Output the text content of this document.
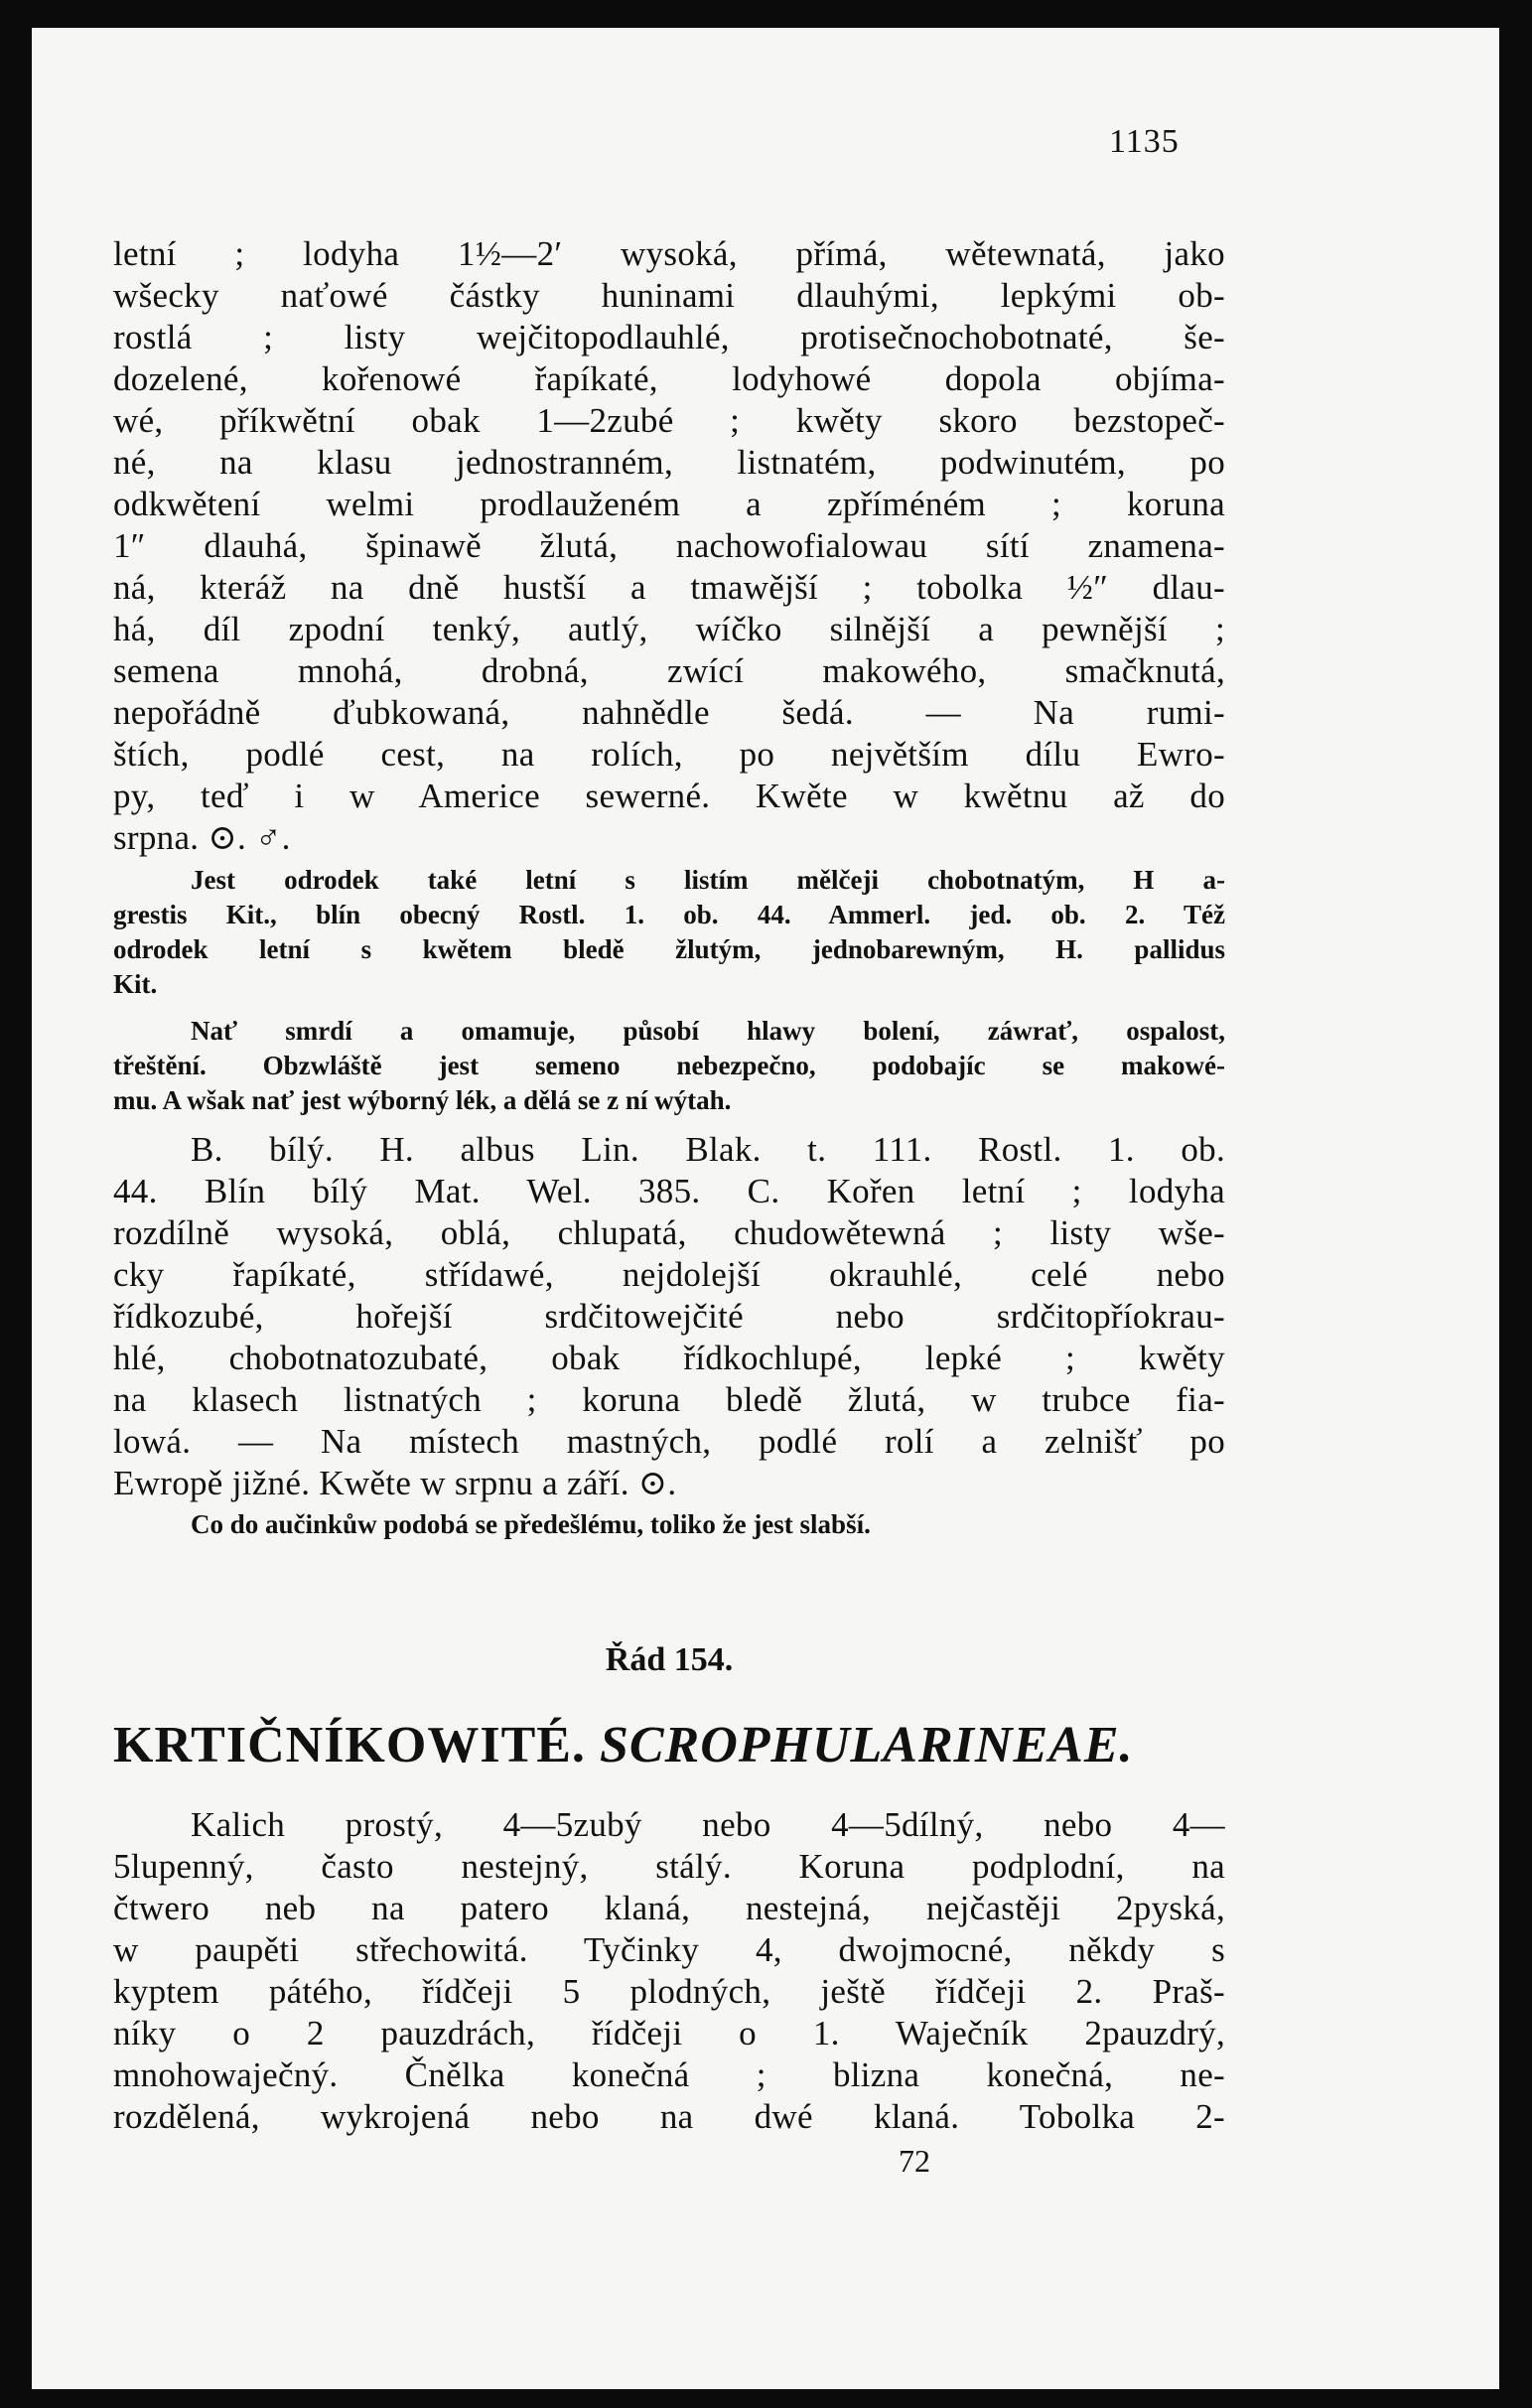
1135
letní ; lodyha 1½—2′ wysoká, přímá, wětewnatá, jako
wšecky naťowé částky huninami dlauhými, lepkými ob-
rostlá ; listy wejčitopodlauhlé, protisečnochobotnaté, še-
dozelené, kořenowé řapíkaté, lodyhowé dopola objíma-
wé, příkwětní obak 1—2zubé ; kwěty skoro bezstopeč-
né, na klasu jednostranném, listnatém, podwinutém, po
odkwětení welmi prodlauženém a zpříméném ; koruna
1″ dlauhá, špinawě žlutá, nachowofialowau sítí znamena-
ná, kteráž na dně hustší a tmawější ; tobolka ½″ dlau-
há, díl zpodní tenký, autlý, wíčko silnější a pewnější ;
semena mnohá, drobná, zwící makowého, smačknutá,
nepořádně ďubkowaná, nahnědle šedá. — Na rumi-
štích, podlé cest, na rolích, po největším dílu Ewro-
py, teď i w Americe sewerné. Kwěte w kwětnu až do
srpna. ⊙. ♂.
Jest odrodek také letní s listím mělčeji chobotnatým, H a-
grestis Kit., blín obecný Rostl. 1. ob. 44. Ammerl. jed. ob. 2. Též
odrodek letní s kwětem bledě žlutým, jednobarewným, H. pallidus
Kit.
Nať smrdí a omamuje, působí hlawy bolení, záwrať, ospalost,
třeštění. Obzwláště jest semeno nebezpečno, podobajíc se makowé-
mu. A wšak nať jest wýborný lék, a dělá se z ní wýtah.
B. bílý. H. albus Lin. Blak. t. 111. Rostl. 1. ob.
44. Blín bílý Mat. Wel. 385. C. Kořen letní ; lodyha
rozdílně wysoká, oblá, chlupatá, chudowětewná ; listy wše-
cky řapíkaté, střídawé, nejdolejší okrauhlé, celé nebo
řídkozubé, hořejší srdčitowejčité nebo srdčitopříokrau-
hlé, chobotnatozubaté, obak řídkochlupé, lepké ; kwěty
na klasech listnatých ; koruna bledě žlutá, w trubce fia-
lowá. — Na místech mastných, podlé rolí a zelnišť po
Ewropě jižné. Kwěte w srpnu a září. ⊙.
Co do aučinkůw podobá se předešlému, toliko že jest slabší.
Řád 154.
KRTIČNÍKOWITÉ. SCROPHULARINEAE.
Kalich prostý, 4—5zubý nebo 4—5dílný, nebo 4—
5lupenný, často nestejný, stálý. Koruna podplodní, na
čtwero neb na patero klaná, nestejná, nejčastěji 2pyská,
w paupěti střechowitá. Tyčinky 4, dwojmocné, někdy s
kyptem pátého, řídčeji 5 plodných, ještě řídčeji 2. Praš-
níky o 2 pauzdrách, řídčeji o 1. Waječník 2pauzdrý,
mnohowaječný. Čnělka konečná ; blizna konečná, ne-
rozdělená, wykrojená nebo na dwé klaná. Tobolka 2-
72
